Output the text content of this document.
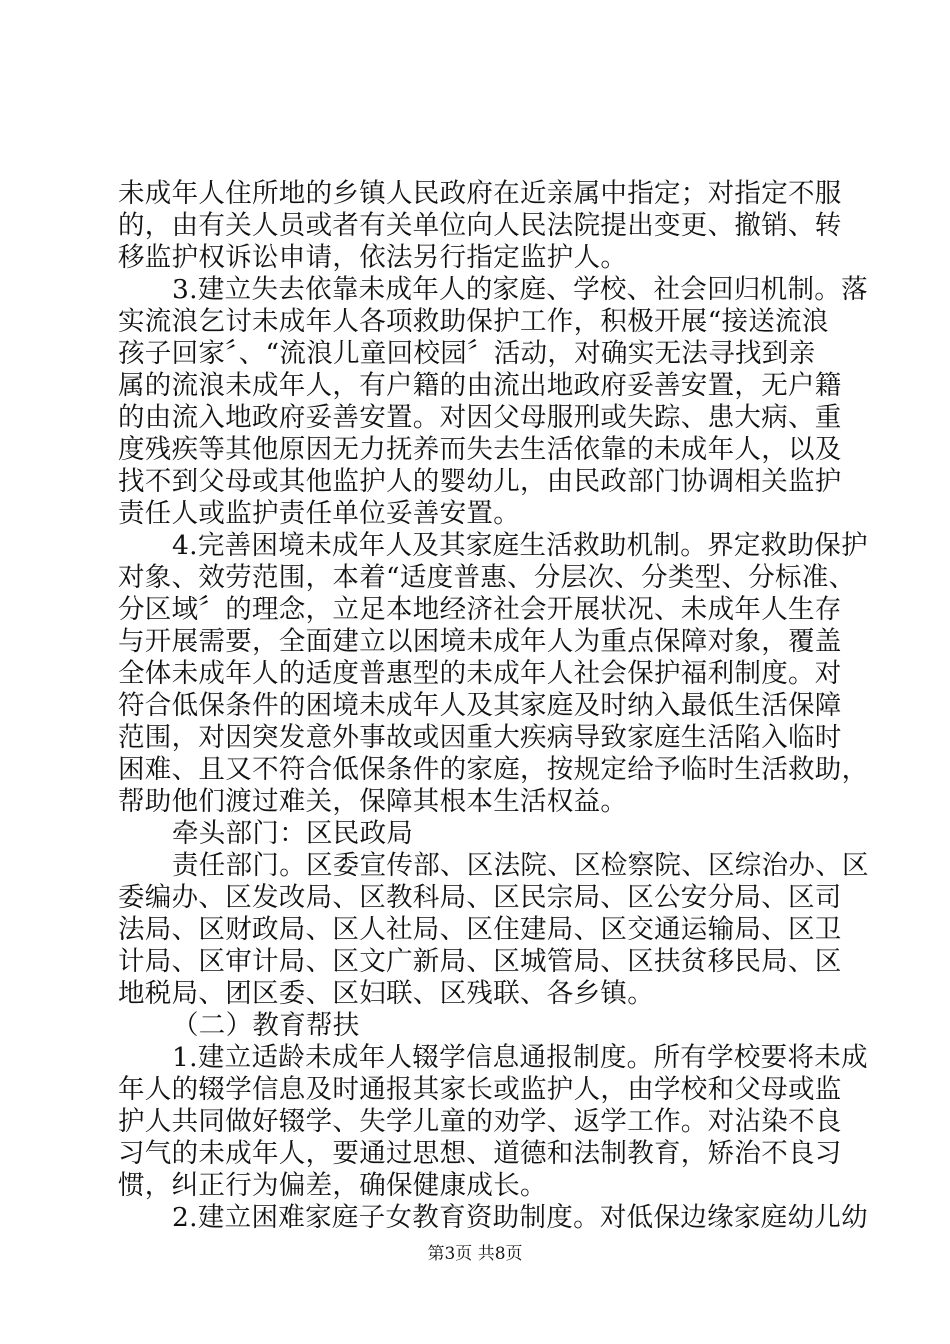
未成年人住所地的乡镇人民政府在近亲属中指定；对指定不服
的，由有关人员或者有关单位向人民法院提出变更、撤销、转
移监护权诉讼申请，依法另行指定监护人。
3.建立失去依靠未成年人的家庭、学校、社会回归机制。落
实流浪乞讨未成年人各项救助保护工作，积极开展“接送流浪
孩子回家〞、“流浪儿童回校园〞活动，对确实无法寻找到亲
属的流浪未成年人，有户籍的由流出地政府妥善安置，无户籍
的由流入地政府妥善安置。对因父母服刑或失踪、患大病、重
度残疾等其他原因无力抚养而失去生活依靠的未成年人，以及
找不到父母或其他监护人的婴幼儿，由民政部门协调相关监护
责任人或监护责任单位妥善安置。
4.完善困境未成年人及其家庭生活救助机制。界定救助保护
对象、效劳范围，本着“适度普惠、分层次、分类型、分标准、
分区域〞的理念，立足本地经济社会开展状况、未成年人生存
与开展需要，全面建立以困境未成年人为重点保障对象，覆盖
全体未成年人的适度普惠型的未成年人社会保护福利制度。对
符合低保条件的困境未成年人及其家庭及时纳入最低生活保障
范围，对因突发意外事故或因重大疾病导致家庭生活陷入临时
困难、且又不符合低保条件的家庭，按规定给予临时生活救助，
帮助他们渡过难关，保障其根本生活权益。
牵头部门：区民政局
责任部门。区委宣传部、区法院、区检察院、区综治办、区
委编办、区发改局、区教科局、区民宗局、区公安分局、区司
法局、区财政局、区人社局、区住建局、区交通运输局、区卫
计局、区审计局、区文广新局、区城管局、区扶贫移民局、区
地税局、团区委、区妇联、区残联、各乡镇。
（二）教育帮扶
1.建立适龄未成年人辍学信息通报制度。所有学校要将未成
年人的辍学信息及时通报其家长或监护人，由学校和父母或监
护人共同做好辍学、失学儿童的劝学、返学工作。对沾染不良
习气的未成年人，要通过思想、道德和法制教育，矫治不良习
惯，纠正行为偏差，确保健康成长。
2.建立困难家庭子女教育资助制度。对低保边缘家庭幼儿幼
第3页 共8页
